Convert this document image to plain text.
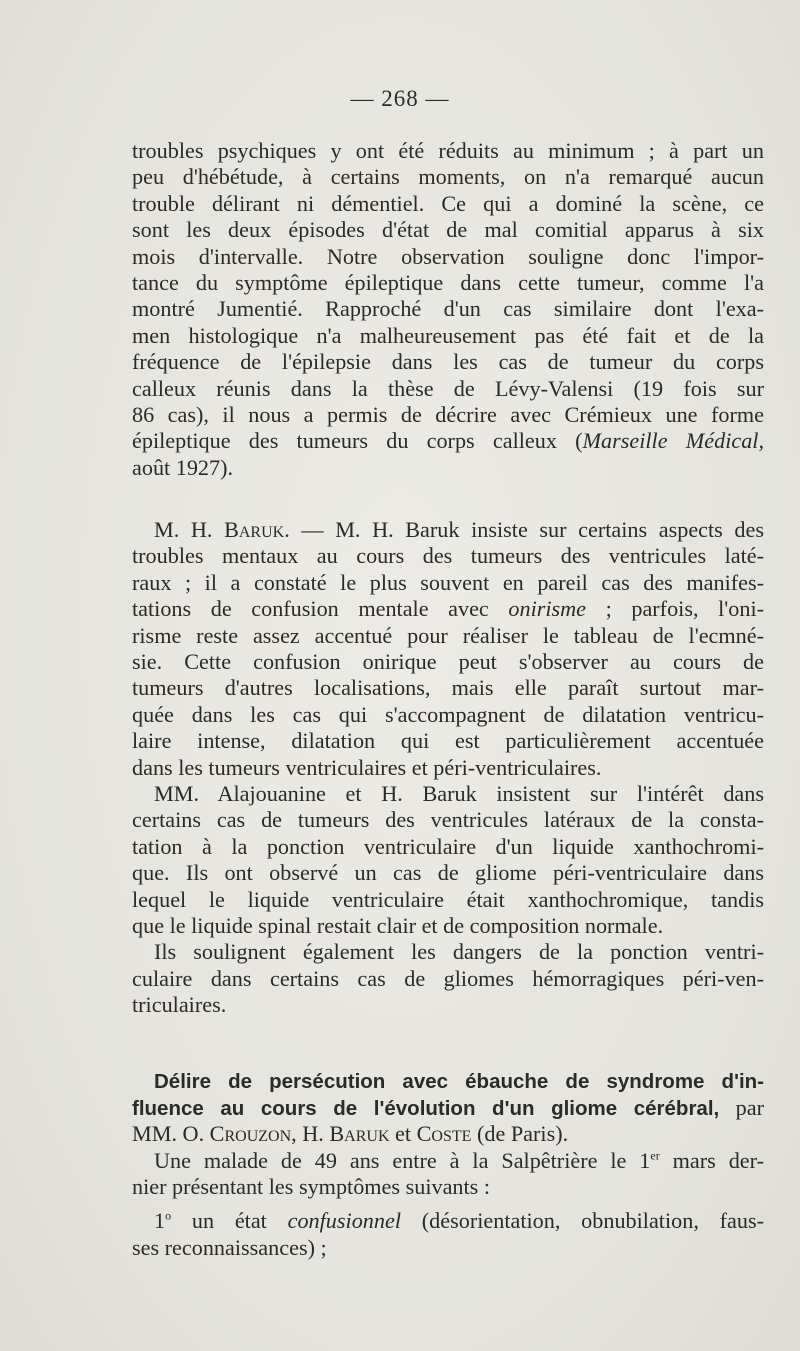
— 268 —

troubles psychiques y ont été réduits au minimum ; à part un
peu d'hébétude, à certains moments, on n'a remarqué aucun
trouble délirant ni démentiel. Ce qui a dominé la scène, ce
sont les deux épisodes d'état de mal comitial apparus à six
mois d'intervalle. Notre observation souligne donc l'impor-
tance du symptôme épileptique dans cette tumeur, comme l'a
montré Jumentié. Rapproché d'un cas similaire dont l'exa-
men histologique n'a malheureusement pas été fait et de la
fréquence de l'épilepsie dans les cas de tumeur du corps
calleux réunis dans la thèse de Lévy-Valensi (19 fois sur
86 cas), il nous a permis de décrire avec Crémieux une forme
épileptique des tumeurs du corps calleux (Marseille Médical,
août 1927).

M. H. Baruk. — M. H. Baruk insiste sur certains aspects des
troubles mentaux au cours des tumeurs des ventricules laté-
raux ; il a constaté le plus souvent en pareil cas des manifes-
tations de confusion mentale avec onirisme ; parfois, l'oni-
risme reste assez accentué pour réaliser le tableau de l'ecmné-
sie. Cette confusion onirique peut s'observer au cours de
tumeurs d'autres localisations, mais elle paraît surtout mar-
quée dans les cas qui s'accompagnent de dilatation ventricu-
laire intense, dilatation qui est particulièrement accentuée
dans les tumeurs ventriculaires et péri-ventriculaires.

MM. Alajouanine et H. Baruk insistent sur l'intérêt dans
certains cas de tumeurs des ventricules latéraux de la consta-
tation à la ponction ventriculaire d'un liquide xanthochromi-
que. Ils ont observé un cas de gliome péri-ventriculaire dans
lequel le liquide ventriculaire était xanthochromique, tandis
que le liquide spinal restait clair et de composition normale.

Ils soulignent également les dangers de la ponction ventri-
culaire dans certains cas de gliomes hémorragiques péri-ven-
triculaires.

Délire de persécution avec ébauche de syndrome d'in-
fluence au cours de l'évolution d'un gliome cérébral, par
MM. O. Crouzon, H. Baruk et Coste (de Paris).

Une malade de 49 ans entre à la Salpêtrière le 1er mars der-
nier présentant les symptômes suivants :

1$^o$ un état confusionnel (désorientation, obnubilation, faus-
ses reconnaissances) ;
